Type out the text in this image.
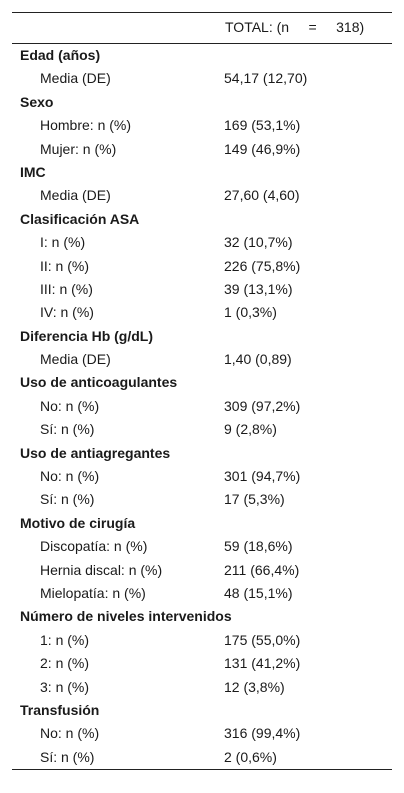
TOTAL: (n     =     318)
Edad (años)
Media (DE)	54,17 (12,70)
Sexo
Hombre: n (%)	169 (53,1%)
Mujer: n (%)	149 (46,9%)
IMC
Media (DE)	27,60 (4,60)
Clasificación ASA
I: n (%)	32 (10,7%)
II: n (%)	226 (75,8%)
III: n (%)	39 (13,1%)
IV: n (%)	1 (0,3%)
Diferencia Hb (g/dL)
Media (DE)	1,40 (0,89)
Uso de anticoagulantes
No: n (%)	309 (97,2%)
Sí: n (%)	9 (2,8%)
Uso de antiagregantes
No: n (%)	301 (94,7%)
Sí: n (%)	17 (5,3%)
Motivo de cirugía
Discopatía: n (%)	59 (18,6%)
Hernia discal: n (%)	211 (66,4%)
Mielopatía: n (%)	48 (15,1%)
Número de niveles intervenidos
1: n (%)	175 (55,0%)
2: n (%)	131 (41,2%)
3: n (%)	12 (3,8%)
Transfusión
No: n (%)	316 (99,4%)
Sí: n (%)	2 (0,6%)
